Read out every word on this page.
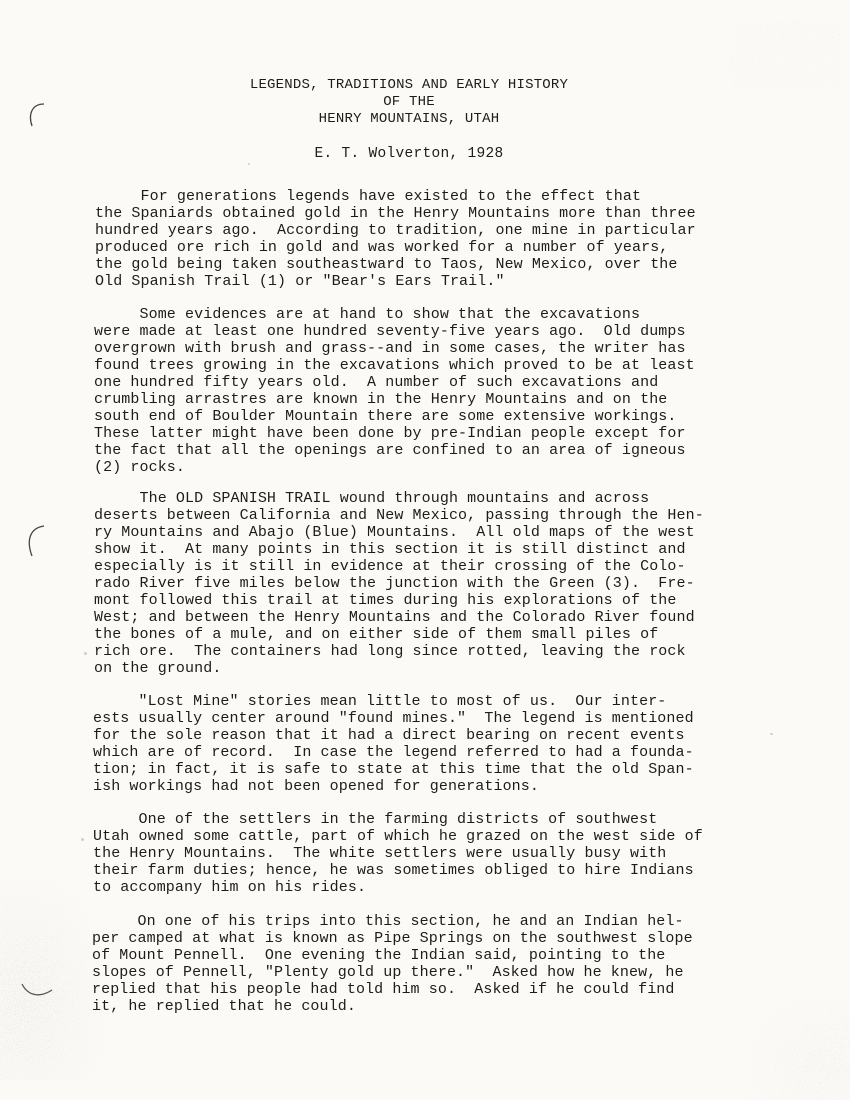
LEGENDS, TRADITIONS AND EARLY HISTORY
OF THE
HENRY MOUNTAINS, UTAH
E. T. Wolverton, 1928
For generations legends have existed to the effect that
the Spaniards obtained gold in the Henry Mountains more than three
hundred years ago.  According to tradition, one mine in particular
produced ore rich in gold and was worked for a number of years,
the gold being taken southeastward to Taos, New Mexico, over the
Old Spanish Trail (1) or "Bear's Ears Trail."
Some evidences are at hand to show that the excavations
were made at least one hundred seventy-five years ago.  Old dumps
overgrown with brush and grass--and in some cases, the writer has
found trees growing in the excavations which proved to be at least
one hundred fifty years old.  A number of such excavations and
crumbling arrastres are known in the Henry Mountains and on the
south end of Boulder Mountain there are some extensive workings.
These latter might have been done by pre-Indian people except for
the fact that all the openings are confined to an area of igneous
(2) rocks.
The OLD SPANISH TRAIL wound through mountains and across
deserts between California and New Mexico, passing through the Hen-
ry Mountains and Abajo (Blue) Mountains.  All old maps of the west
show it.  At many points in this section it is still distinct and
especially is it still in evidence at their crossing of the Colo-
rado River five miles below the junction with the Green (3).  Fre-
mont followed this trail at times during his explorations of the
West; and between the Henry Mountains and the Colorado River found
the bones of a mule, and on either side of them small piles of
rich ore.  The containers had long since rotted, leaving the rock
on the ground.
"Lost Mine" stories mean little to most of us.  Our inter-
ests usually center around "found mines."  The legend is mentioned
for the sole reason that it had a direct bearing on recent events
which are of record.  In case the legend referred to had a founda-
tion; in fact, it is safe to state at this time that the old Span-
ish workings had not been opened for generations.
One of the settlers in the farming districts of southwest
Utah owned some cattle, part of which he grazed on the west side of
the Henry Mountains.  The white settlers were usually busy with
their farm duties; hence, he was sometimes obliged to hire Indians
to accompany him on his rides.
On one of his trips into this section, he and an Indian hel-
per camped at what is known as Pipe Springs on the southwest slope
of Mount Pennell.  One evening the Indian said, pointing to the
slopes of Pennell, "Plenty gold up there."  Asked how he knew, he
replied that his people had told him so.  Asked if he could find
it, he replied that he could.
